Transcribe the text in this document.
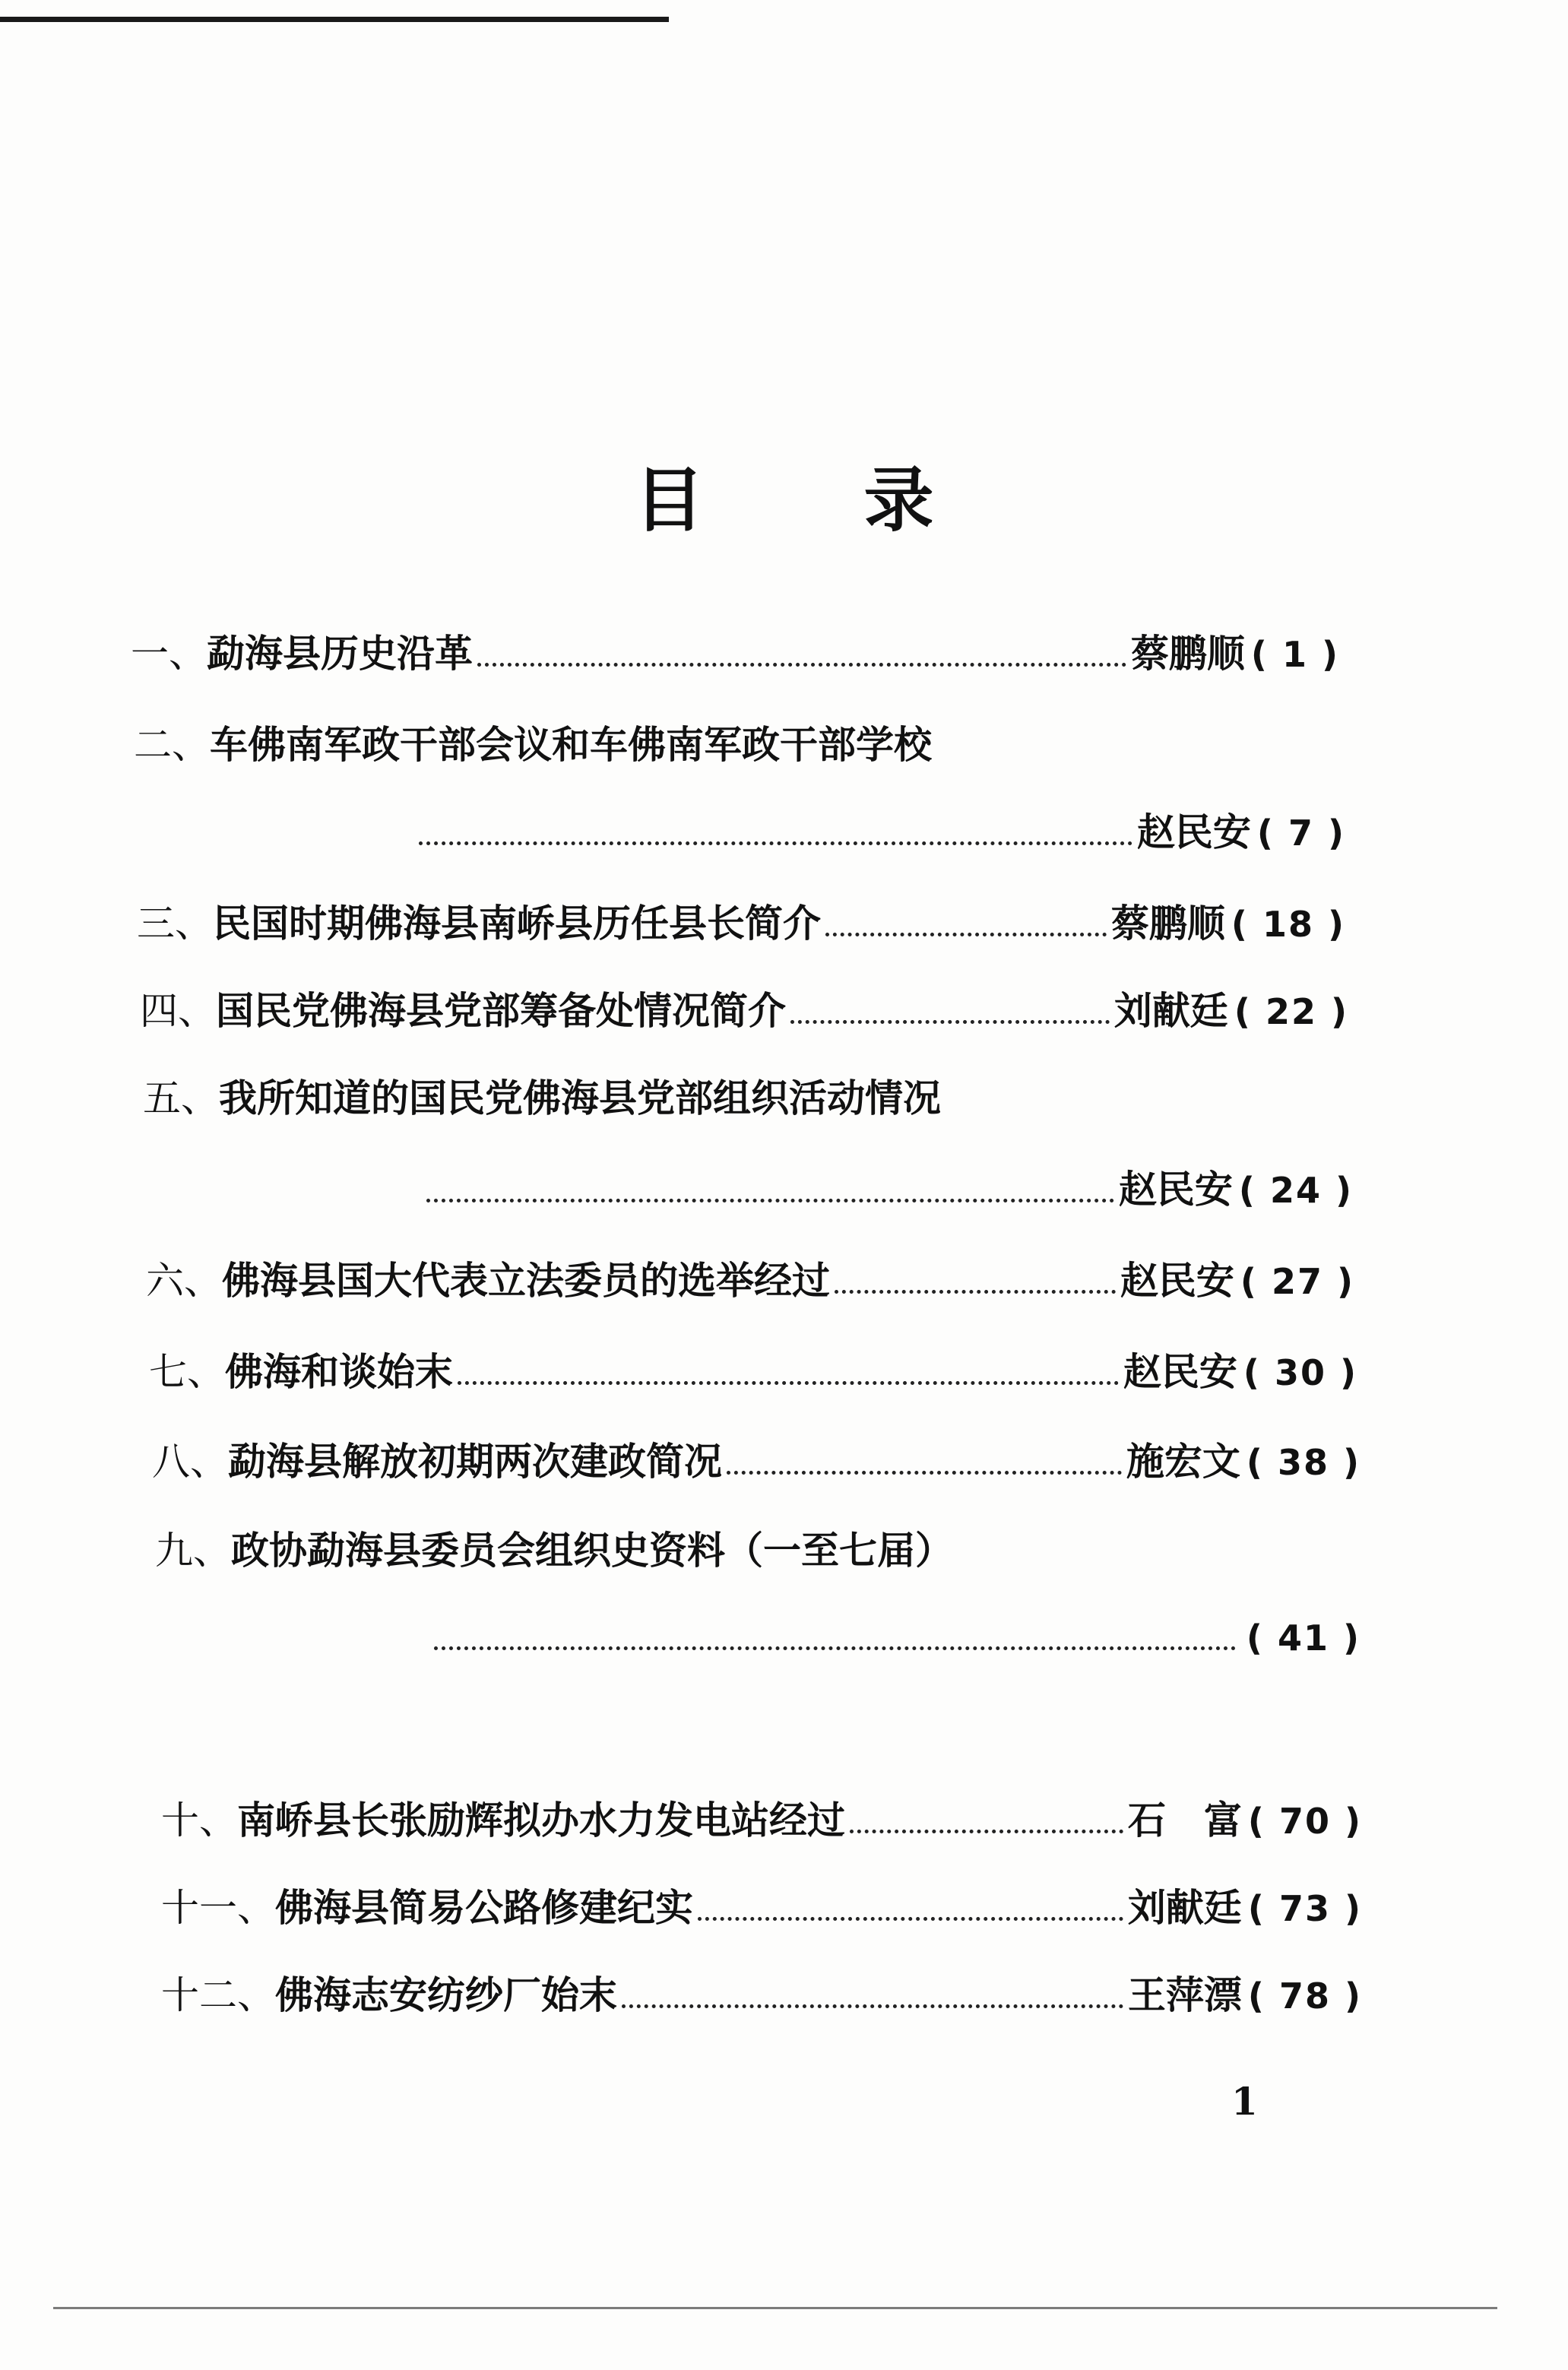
目 录
一、 勐海县历史沿革	蔡鹏顺 ( 1 )
二、 车佛南军政干部会议和车佛南军政干部学校
赵民安 ( 7 )
三、 民国时期佛海县南峤县历任县长简介	蔡鹏顺 ( 18 )
四、 国民党佛海县党部筹备处情况简介	刘献廷 ( 22 )
五、 我所知道的国民党佛海县党部组织活动情况
赵民安 ( 24 )
六、 佛海县国大代表立法委员的选举经过	赵民安 ( 27 )
七、 佛海和谈始末	赵民安 ( 30 )
八、 勐海县解放初期两次建政简况	施宏文 ( 38 )
九、 政协勐海县委员会组织史资料（一至七届）
( 41 )
十、 南峤县长张励辉拟办水力发电站经过	石　富 ( 70 )
十一、 佛海县简易公路修建纪实	刘献廷 ( 73 )
十二、 佛海志安纺纱厂始末	王萍漂 ( 78 )
1
